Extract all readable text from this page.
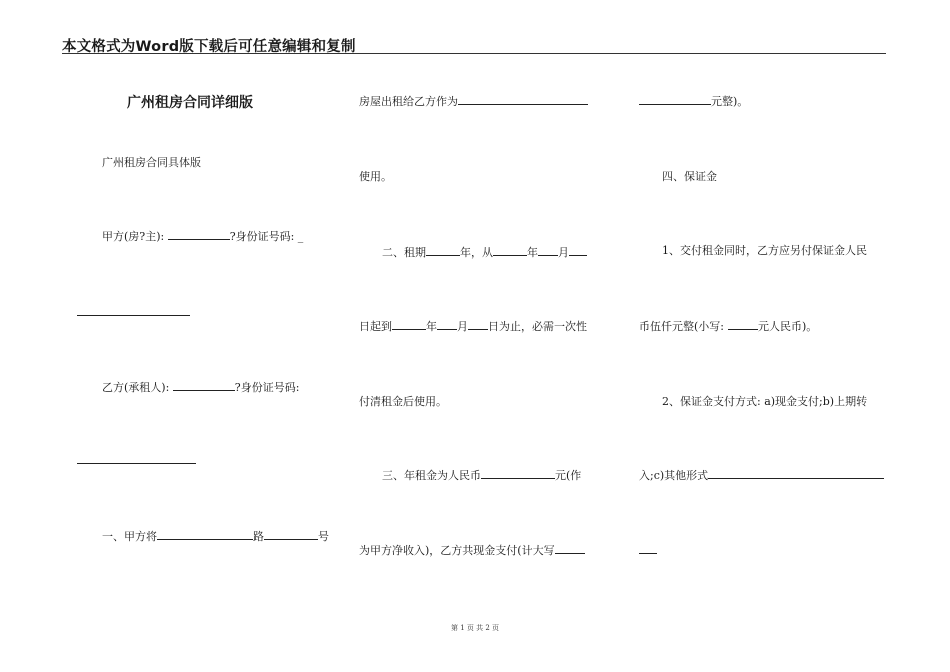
本文格式为Word版下载后可任意编辑和复制
广州租房合同详细版
广州租房合同具体版
甲方(房?主):	?身份证号码: _
乙方(承租人):	?身份证号码:
一、甲方将	路	号
房屋出租给乙方作为
使用。
二、租期	年，从	年 月
日起到	年 月 日为止，必需一次性
付清租金后使用。
三、年租金为人民币	元(作
为甲方净收入)，乙方共现金支付(计大写
元整)。
四、保证金
1、交付租金同时，乙方应另付保证金人民
币伍仟元整(小写:	元人民币)。
2、保证金支付方式: a)现金支付;b)上期转
入;c)其他形式
第 1 页 共 2 页
